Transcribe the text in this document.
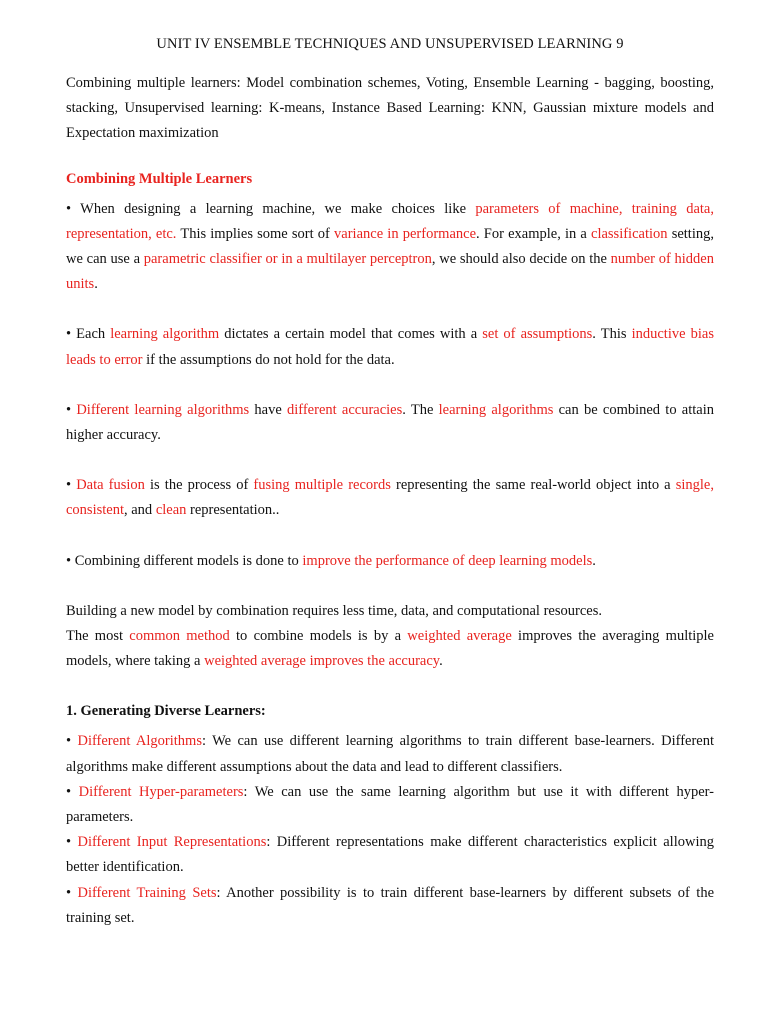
UNIT IV ENSEMBLE TECHNIQUES AND UNSUPERVISED LEARNING 9

Combining multiple learners: Model combination schemes, Voting, Ensemble Learning - bagging, boosting, stacking, Unsupervised learning: K-means, Instance Based Learning: KNN, Gaussian mixture models and Expectation maximization

Combining Multiple Learners

• When designing a learning machine, we make choices like parameters of machine, training data, representation, etc. This implies some sort of variance in performance. For example, in a classification setting, we can use a parametric classifier or in a multilayer perceptron, we should also decide on the number of hidden units.

• Each learning algorithm dictates a certain model that comes with a set of assumptions. This inductive bias leads to error if the assumptions do not hold for the data.

• Different learning algorithms have different accuracies. The learning algorithms can be combined to attain higher accuracy.

• Data fusion is the process of fusing multiple records representing the same real-world object into a single, consistent, and clean representation..

• Combining different models is done to improve the performance of deep learning models.

Building a new model by combination requires less time, data, and computational resources.

The most common method to combine models is by a weighted average improves the averaging multiple models, where taking a weighted average improves the accuracy.

1. Generating Diverse Learners:

• Different Algorithms: We can use different learning algorithms to train different base-learners. Different algorithms make different assumptions about the data and lead to different classifiers.

• Different Hyper-parameters: We can use the same learning algorithm but use it with different hyper-parameters.

• Different Input Representations: Different representations make different characteristics explicit allowing better identification.

• Different Training Sets: Another possibility is to train different base-learners by different subsets of the training set.
